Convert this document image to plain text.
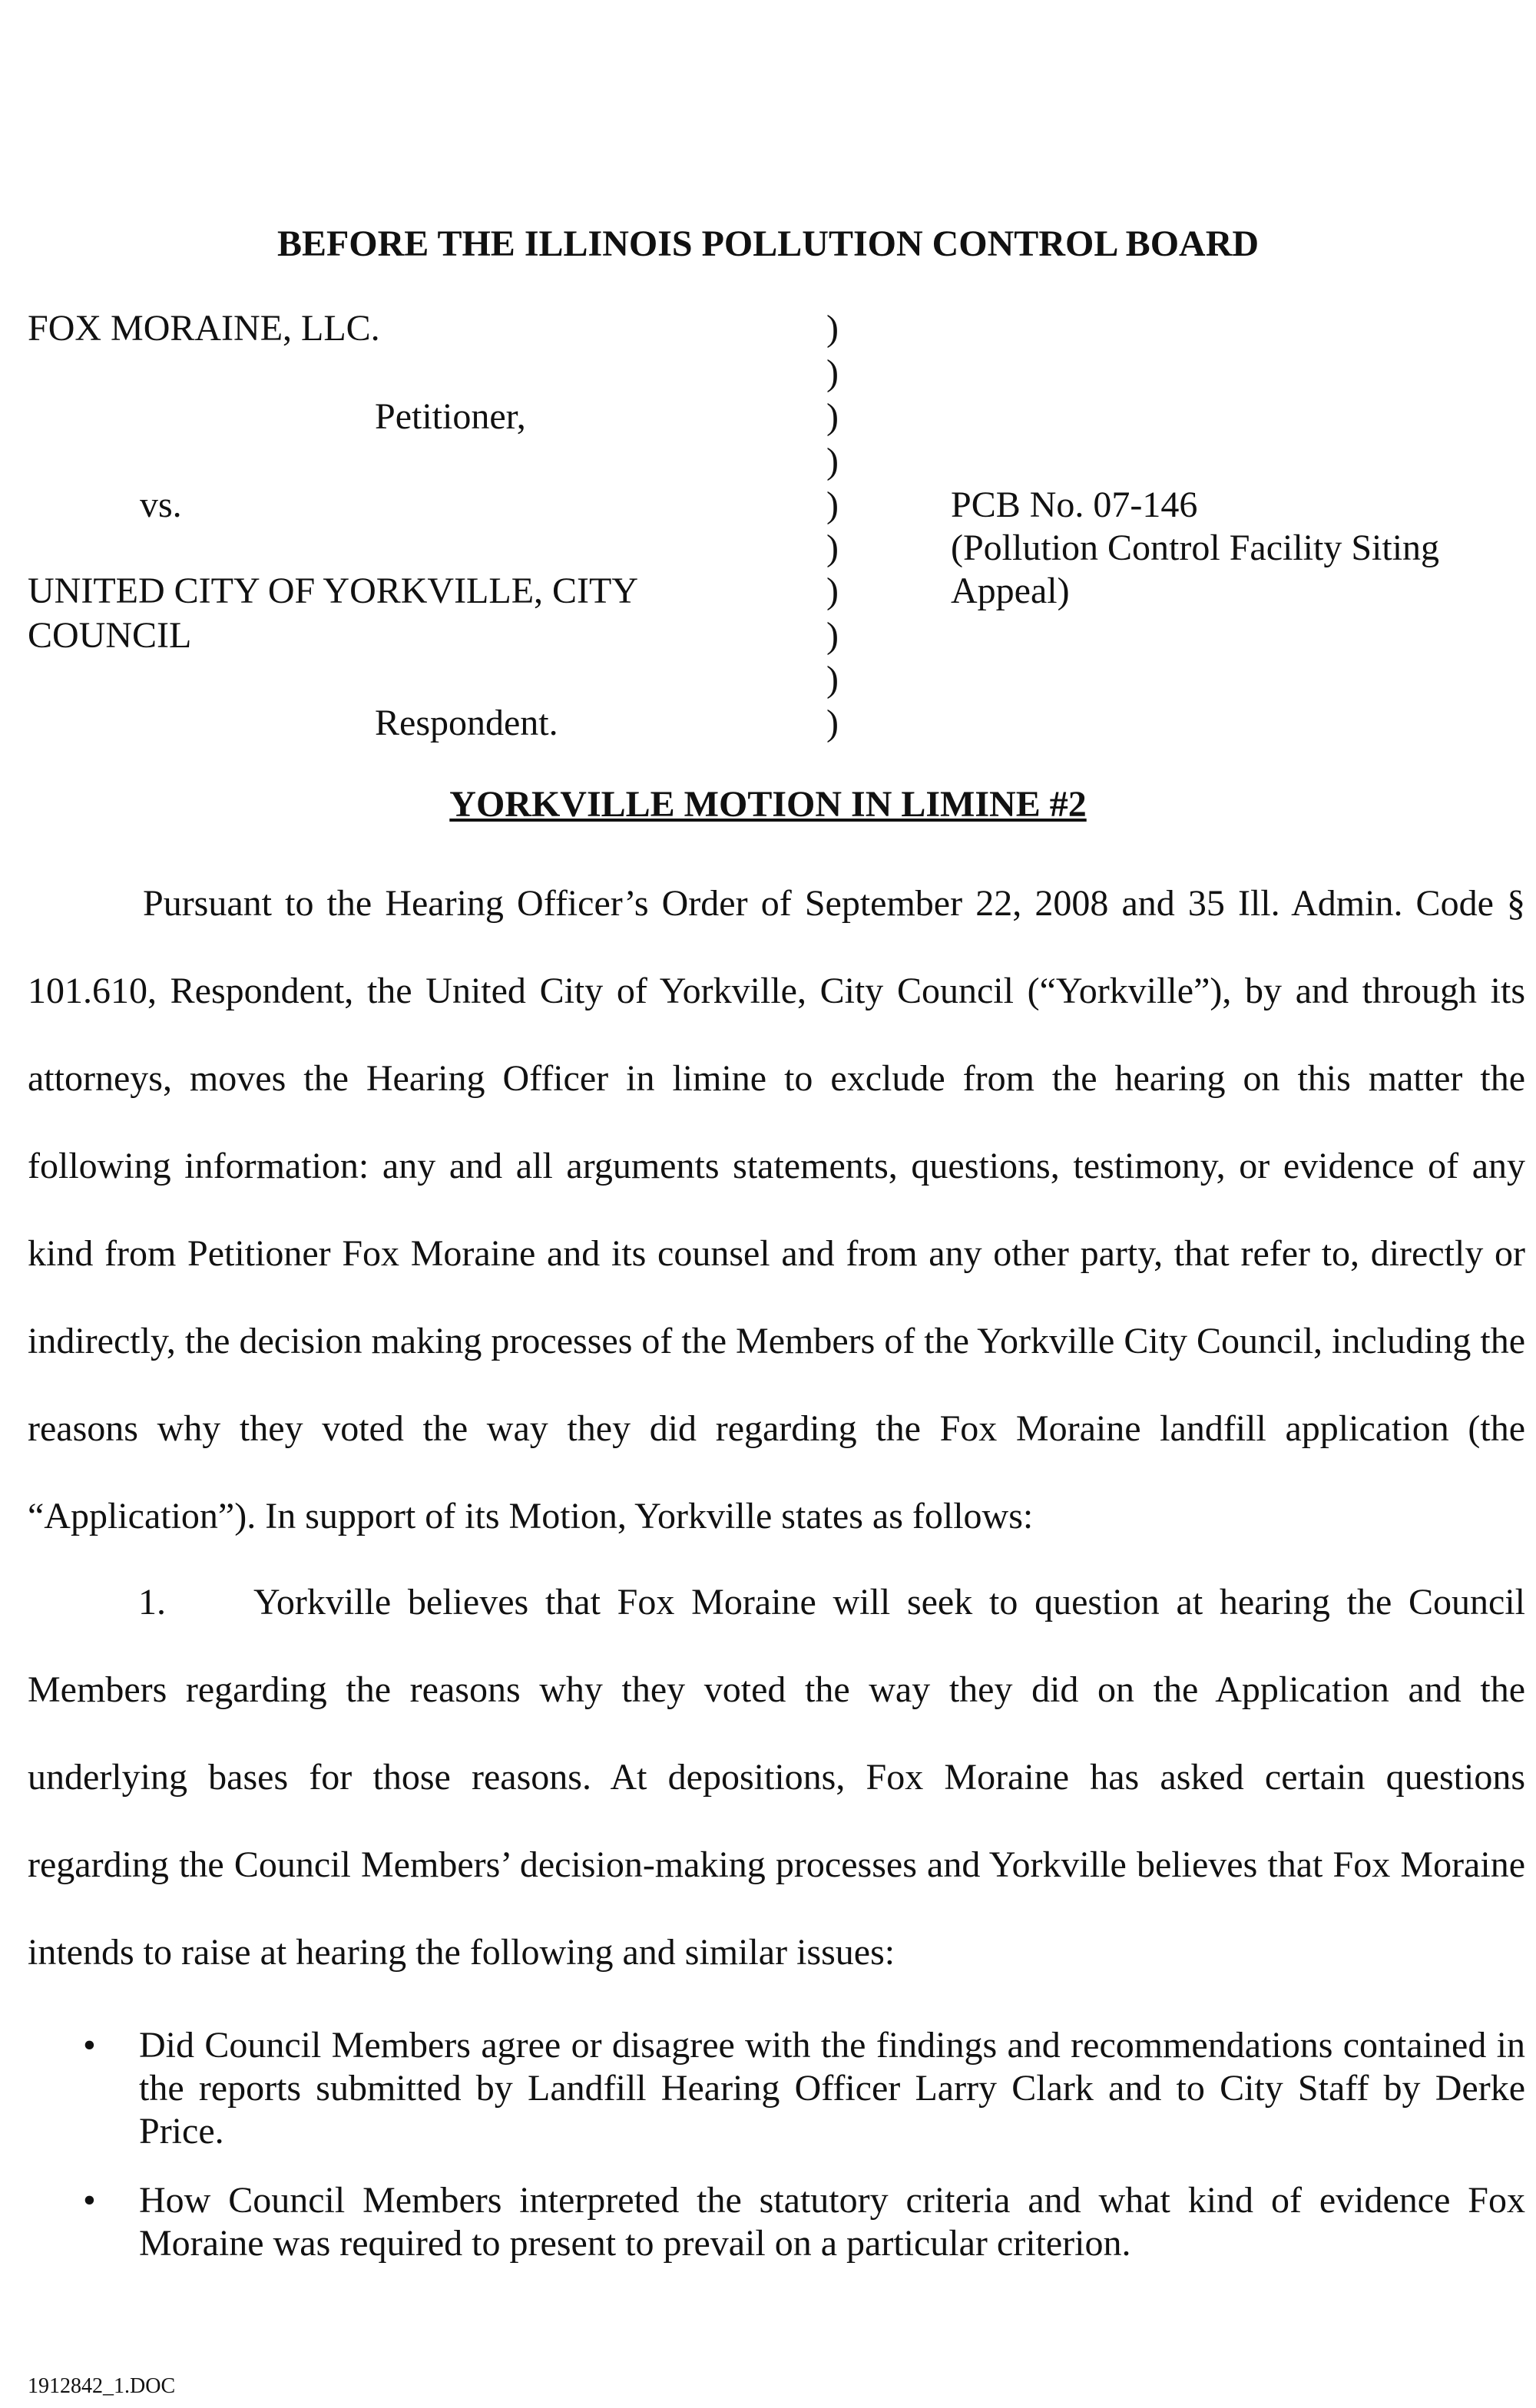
BEFORE THE ILLINOIS POLLUTION CONTROL BOARD
FOX MORAINE, LLC.
Petitioner,
vs.
UNITED CITY OF YORKVILLE, CITY
COUNCIL
Respondent.
)
)
)
)
)
)
)
)
)
)
PCB No. 07-146
(Pollution Control Facility Siting
Appeal)
YORKVILLE MOTION IN LIMINE #2
Pursuant to the Hearing Officer’s Order of September 22, 2008 and 35 Ill. Admin. Code § 101.610, Respondent, the United City of Yorkville, City Council (“Yorkville”), by and through its attorneys, moves the Hearing Officer in limine to exclude from the hearing on this matter the following information: any and all arguments statements, questions, testimony, or evidence of any kind from Petitioner Fox Moraine and its counsel and from any other party, that refer to, directly or indirectly, the decision making processes of the Members of the Yorkville City Council, including the reasons why they voted the way they did regarding the Fox Moraine landfill application (the “Application”). In support of its Motion, Yorkville states as follows:
1. Yorkville believes that Fox Moraine will seek to question at hearing the Council Members regarding the reasons why they voted the way they did on the Application and the underlying bases for those reasons. At depositions, Fox Moraine has asked certain questions regarding the Council Members’ decision-making processes and Yorkville believes that Fox Moraine intends to raise at hearing the following and similar issues:
• Did Council Members agree or disagree with the findings and recommendations contained in the reports submitted by Landfill Hearing Officer Larry Clark and to City Staff by Derke Price.
• How Council Members interpreted the statutory criteria and what kind of evidence Fox Moraine was required to present to prevail on a particular criterion.
1912842_1.DOC
